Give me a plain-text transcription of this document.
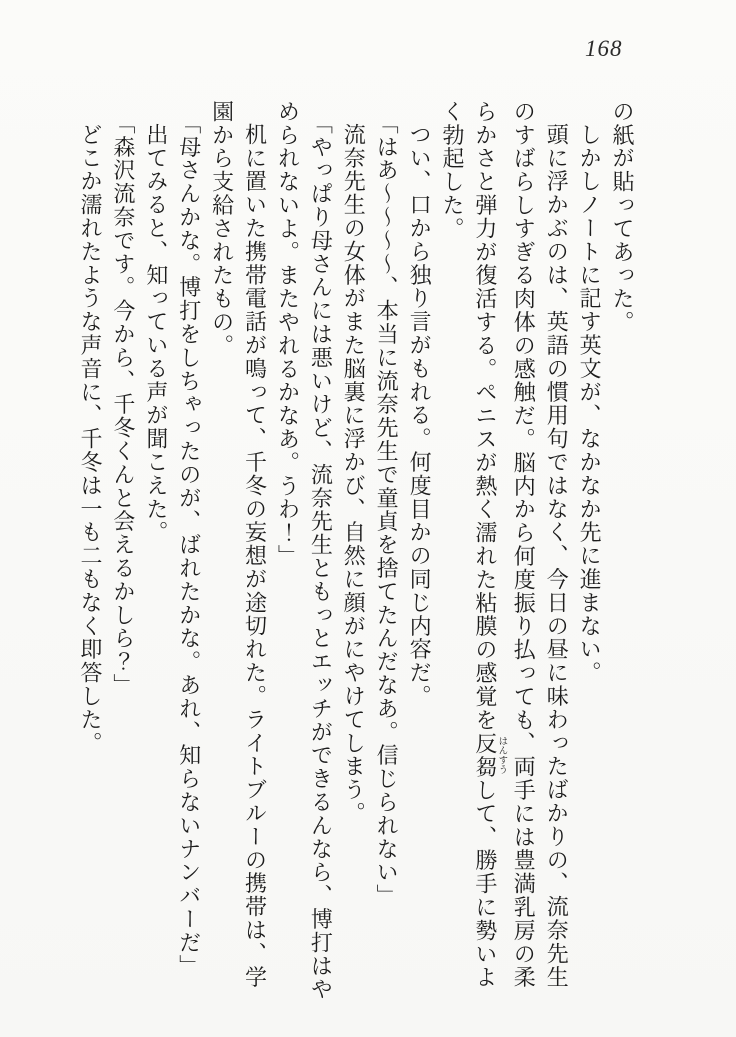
168

の紙が貼ってあった。

しかしノートに記す英文が、なかなか先に進まない。

頭に浮かぶのは、英語の慣用句ではなく、今日の昼に味わったばかりの、流奈先生

のすばらしすぎる肉体の感触だ。脳内から何度振り払っても、両手には豊満乳房の柔

らかさと弾力が復活する。ペニスが熱く濡れた粘膜の感覚を反芻はんすうして、勝手に勢いよ

く勃起した。

つい、口から独り言がもれる。何度目かの同じ内容だ。

「はあ～～～～、本当に流奈先生で童貞を捨てたんだなあ。信じられない」

流奈先生の女体がまた脳裏に浮かび、自然に顔がにやけてしまう。

「やっぱり母さんには悪いけど、流奈先生ともっとエッチができるんなら、博打はや

められないよ。またやれるかなあ。うわ！」

机に置いた携帯電話が鳴って、千冬の妄想が途切れた。ライトブルーの携帯は、学

園から支給されたもの。

「母さんかな。博打をしちゃったのが、ばれたかな。あれ、知らないナンバーだ」

出てみると、知っている声が聞こえた。

「森沢流奈です。今から、千冬くんと会えるかしら？」

どこか濡れたような声音に、千冬は一も二もなく即答した。
